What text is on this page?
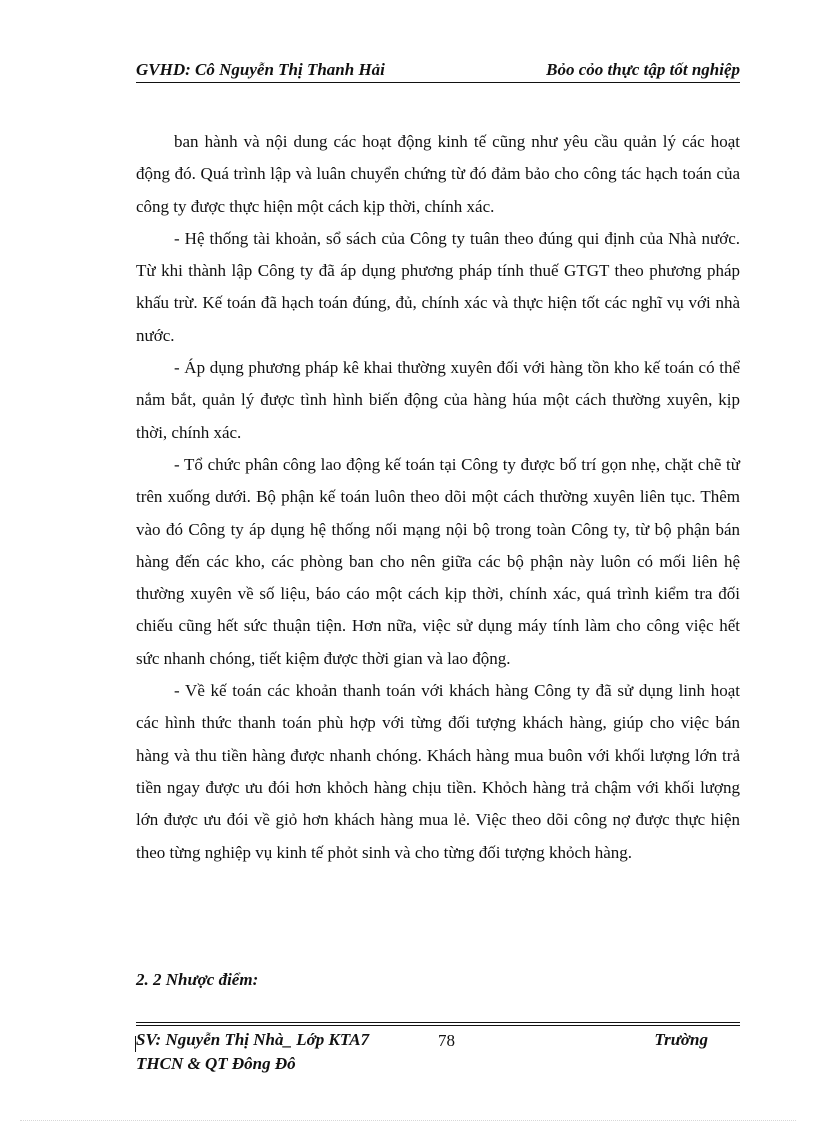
GVHD: Cô Nguyễn Thị Thanh Hải	Bỏo cỏo thực tập tốt nghiệp

ban hành và nội dung các hoạt động kinh tế cũng như yêu cầu quản lý các hoạt động đó. Quá trình lập và luân chuyển chứng từ đó đảm bảo cho công tác hạch toán của công ty được thực hiện một cách kịp thời, chính xác.

- Hệ thống tài khoản, sổ sách của Công ty tuân theo đúng qui định của Nhà nước. Từ khi thành lập Công ty đã áp dụng phương pháp tính thuế GTGT theo phương pháp khấu trừ. Kế toán đã hạch toán đúng, đủ, chính xác và thực hiện tốt các nghĩ vụ với nhà nước.

- Áp dụng phương pháp kê khai thường xuyên đối với hàng tồn kho kế toán có thể nắm bắt, quản lý được tình hình biến động của hàng húa một cách thường xuyên, kịp thời, chính xác.

- Tổ chức phân công lao động kế toán tại Công ty được bố trí gọn nhẹ, chặt chẽ từ trên xuống dưới. Bộ phận kế toán luôn theo dõi một cách thường xuyên liên tục. Thêm vào đó Công ty áp dụng hệ thống nối mạng nội bộ trong toàn Công ty, từ bộ phận bán hàng đến các kho, các phòng ban cho nên giữa các bộ phận này luôn có mối liên hệ thường xuyên về số liệu, báo cáo một cách kịp thời, chính xác, quá trình kiểm tra đối chiếu cũng hết sức thuận tiện. Hơn nữa, việc sử dụng máy tính làm cho công việc hết sức nhanh chóng, tiết kiệm được thời gian và lao động.

- Về kế toán các khoản thanh toán với khách hàng Công ty đã sử dụng linh hoạt các hình thức thanh toán phù hợp với từng đối tượng khách hàng, giúp cho việc bán hàng và thu tiền hàng được nhanh chóng. Khách hàng mua buôn với khối lượng lớn trả tiền ngay được ưu đói hơn khỏch hàng chịu tiền. Khỏch hàng trả chậm với khối lượng lớn được ưu đói về giỏ hơn khách hàng mua lẻ. Việc theo dõi công nợ được thực hiện theo từng nghiệp vụ kinh tế phỏt sinh và cho từng đối tượng khỏch hàng.

2. 2 Nhược điểm:
SV: Nguyễn Thị Nhà_ Lớp KTA7	78	Trường
THCN & QT Đông Đô
